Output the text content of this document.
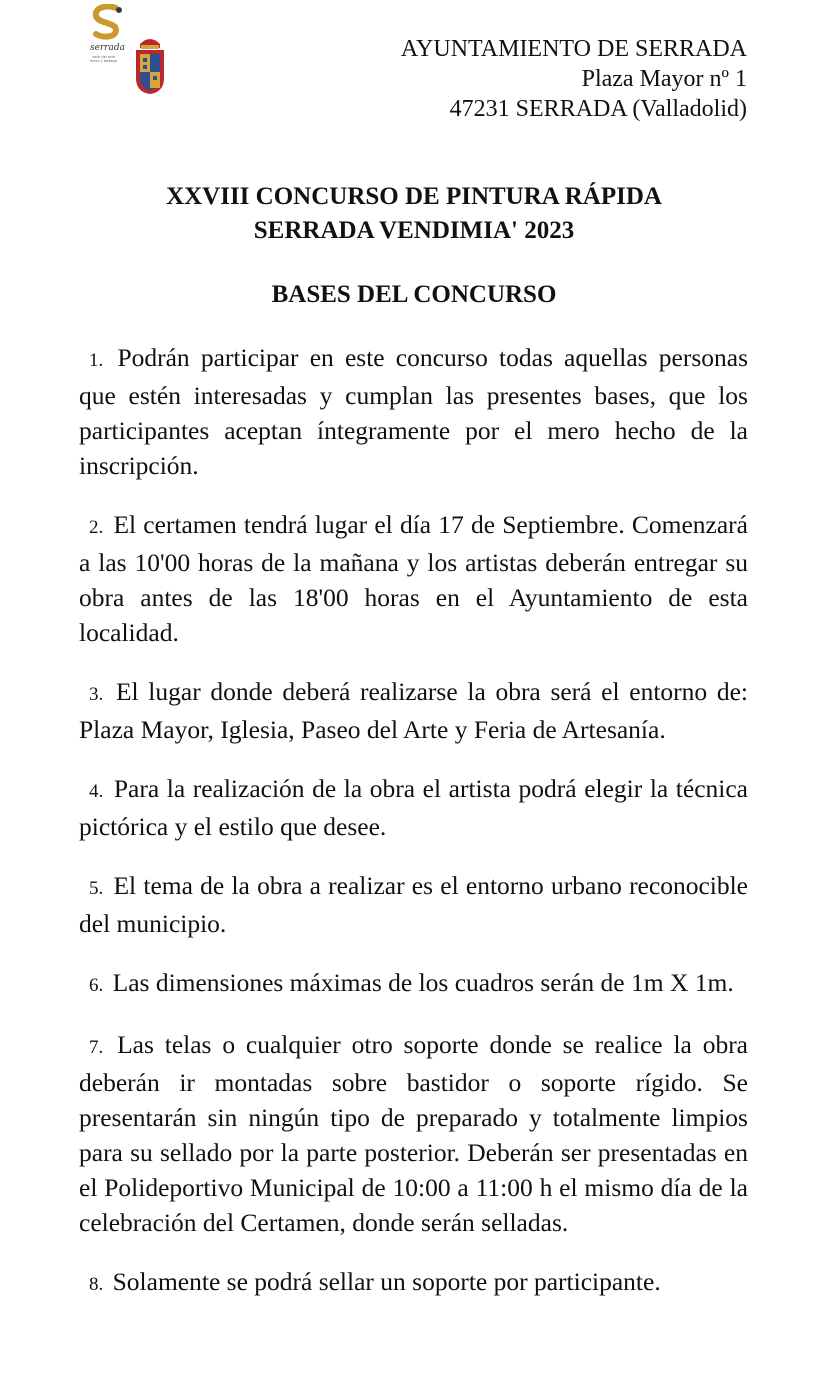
serrada
valle del arte,
tierra y bodega	AYUNTAMIENTO DE SERRADA
Plaza Mayor nº 1
47231 SERRADA (Valladolid)
XXVIII CONCURSO DE PINTURA RÁPIDA
SERRADA VENDIMIA' 2023
BASES DEL CONCURSO

1. Podrán participar en este concurso todas aquellas personas que estén interesadas y cumplan las presentes bases, que los participantes aceptan íntegramente por el mero hecho de la inscripción.

2. El certamen tendrá lugar el día 17 de Septiembre. Comenzará a las 10'00 horas de la mañana y los artistas deberán entregar su obra antes de las 18'00 horas en el Ayuntamiento de esta localidad.

3. El lugar donde deberá realizarse la obra será el entorno de: Plaza Mayor, Iglesia, Paseo del Arte y Feria de Artesanía.

4. Para la realización de la obra el artista podrá elegir la técnica pictórica y el estilo que desee.

5. El tema de la obra a realizar es el entorno urbano reconocible del municipio.

6. Las dimensiones máximas de los cuadros serán de 1m X 1m.

7. Las telas o cualquier otro soporte donde se realice la obra deberán ir montadas sobre bastidor o soporte rígido. Se presentarán sin ningún tipo de preparado y totalmente limpios para su sellado por la parte posterior. Deberán ser presentadas en el Polideportivo Municipal de 10:00 a 11:00 h el mismo día de la celebración del Certamen, donde serán selladas.

8. Solamente se podrá sellar un soporte por participante.
